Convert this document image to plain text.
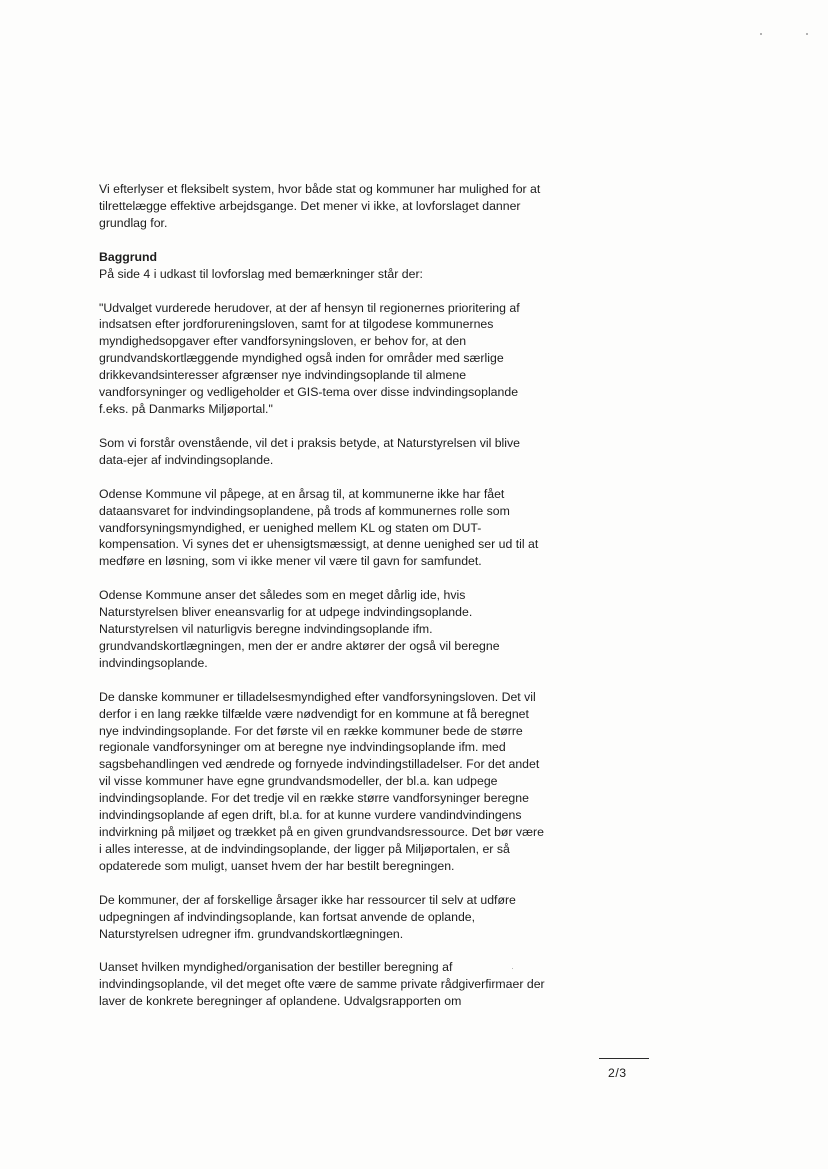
Vi efterlyser et fleksibelt system, hvor både stat og kommuner har mulighed for at
tilrettelægge effektive arbejdsgange. Det mener vi ikke, at lovforslaget danner
grundlag for.

Baggrund
På side 4 i udkast til lovforslag med bemærkninger står der:

"Udvalget vurderede herudover, at der af hensyn til regionernes prioritering af
indsatsen efter jordforureningsloven, samt for at tilgodese kommunernes
myndighedsopgaver efter vandforsyningsloven, er behov for, at den
grundvandskortlæggende myndighed også inden for områder med særlige
drikkevandsinteresser afgrænser nye indvindingsoplande til almene
vandforsyninger og vedligeholder et GIS-tema over disse indvindingsoplande
f.eks. på Danmarks Miljøportal."

Som vi forstår ovenstående, vil det i praksis betyde, at Naturstyrelsen vil blive
data-ejer af indvindingsoplande.

Odense Kommune vil påpege, at en årsag til, at kommunerne ikke har fået
dataansvaret for indvindingsoplandene, på trods af kommunernes rolle som
vandforsyningsmyndighed, er uenighed mellem KL og staten om DUT-
kompensation. Vi synes det er uhensigtsmæssigt, at denne uenighed ser ud til at
medføre en løsning, som vi ikke mener vil være til gavn for samfundet.

Odense Kommune anser det således som en meget dårlig ide, hvis
Naturstyrelsen bliver eneansvarlig for at udpege indvindingsoplande.
Naturstyrelsen vil naturligvis beregne indvindingsoplande ifm.
grundvandskortlægningen, men der er andre aktører der også vil beregne
indvindingsoplande.

De danske kommuner er tilladelsesmyndighed efter vandforsyningsloven. Det vil
derfor i en lang række tilfælde være nødvendigt for en kommune at få beregnet
nye indvindingsoplande. For det første vil en række kommuner bede de større
regionale vandforsyninger om at beregne nye indvindingsoplande ifm. med
sagsbehandlingen ved ændrede og fornyede indvindingstilladelser. For det andet
vil visse kommuner have egne grundvandsmodeller, der bl.a. kan udpege
indvindingsoplande. For det tredje vil en række større vandforsyninger beregne
indvindingsoplande af egen drift, bl.a. for at kunne vurdere vandindvindingens
indvirkning på miljøet og trækket på en given grundvandsressource. Det bør være
i alles interesse, at de indvindingsoplande, der ligger på Miljøportalen, er så
opdaterede som muligt, uanset hvem der har bestilt beregningen.

De kommuner, der af forskellige årsager ikke har ressourcer til selv at udføre
udpegningen af indvindingsoplande, kan fortsat anvende de oplande,
Naturstyrelsen udregner ifm. grundvandskortlægningen.

Uanset hvilken myndighed/organisation der bestiller beregning af
indvindingsoplande, vil det meget ofte være de samme private rådgiverfirmaer der
laver de konkrete beregninger af oplandene. Udvalgsrapporten om

2/3
